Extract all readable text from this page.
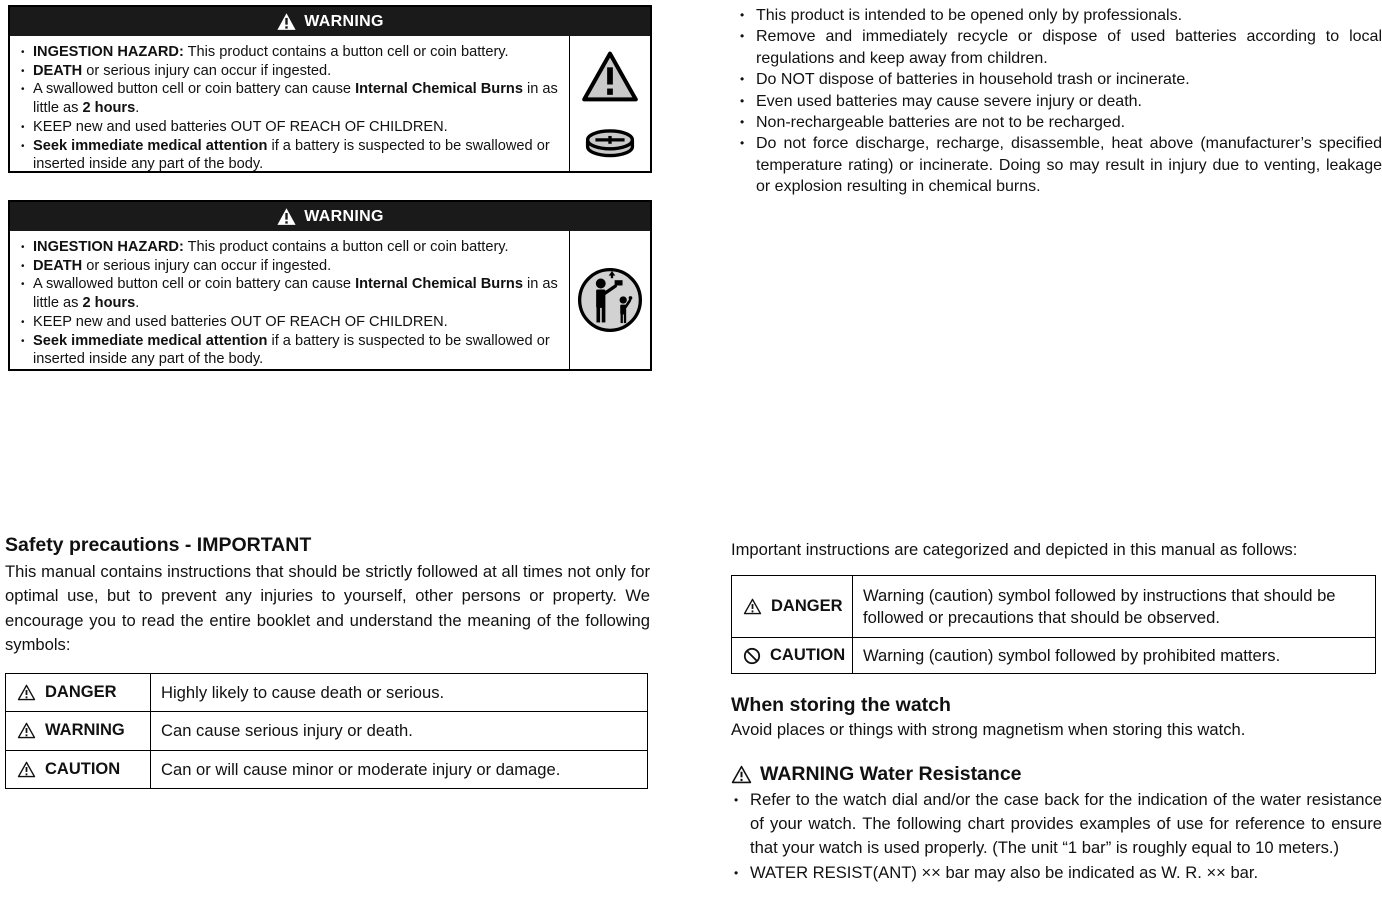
WARNING
• INGESTION HAZARD: This product contains a button cell or coin battery.
• DEATH or serious injury can occur if ingested.
• A swallowed button cell or coin battery can cause Internal Chemical Burns in as little as 2 hours.
• KEEP new and used batteries OUT OF REACH OF CHILDREN.
• Seek immediate medical attention if a battery is suspected to be swallowed or inserted inside any part of the body.
WARNING
• INGESTION HAZARD: This product contains a button cell or coin battery.
• DEATH or serious injury can occur if ingested.
• A swallowed button cell or coin battery can cause Internal Chemical Burns in as little as 2 hours.
• KEEP new and used batteries OUT OF REACH OF CHILDREN.
• Seek immediate medical attention if a battery is suspected to be swallowed or inserted inside any part of the body.
• This product is intended to be opened only by professionals.
• Remove and immediately recycle or dispose of used batteries according to local regulations and keep away from children.
• Do NOT dispose of batteries in household trash or incinerate.
• Even used batteries may cause severe injury or death.
• Non-rechargeable batteries are not to be recharged.
• Do not force discharge, recharge, disassemble, heat above (manufacturer’s specified temperature rating) or incinerate. Doing so may result in injury due to venting, leakage or explosion resulting in chemical burns.
Safety precautions - IMPORTANT
This manual contains instructions that should be strictly followed at all times not only for optimal use, but to prevent any injuries to yourself, other persons or property. We encourage you to read the entire booklet and understand the meaning of the following symbols:
DANGER	Highly likely to cause death or serious.

WARNING	Can cause serious injury or death.

CAUTION	Can or will cause minor or moderate injury or damage.
Important instructions are categorized and depicted in this manual as follows:
DANGER	Warning (caution) symbol followed by instructions that should be followed or precautions that should be observed.

CAUTION	Warning (caution) symbol followed by prohibited matters.
When storing the watch
Avoid places or things with strong magnetism when storing this watch.
WARNING Water Resistance
• Refer to the watch dial and/or the case back for the indication of the water resistance of your watch. The following chart provides examples of use for reference to ensure that your watch is used properly. (The unit “1 bar” is roughly equal to 10 meters.)
• WATER RESIST(ANT) ×× bar may also be indicated as W. R. ×× bar.
